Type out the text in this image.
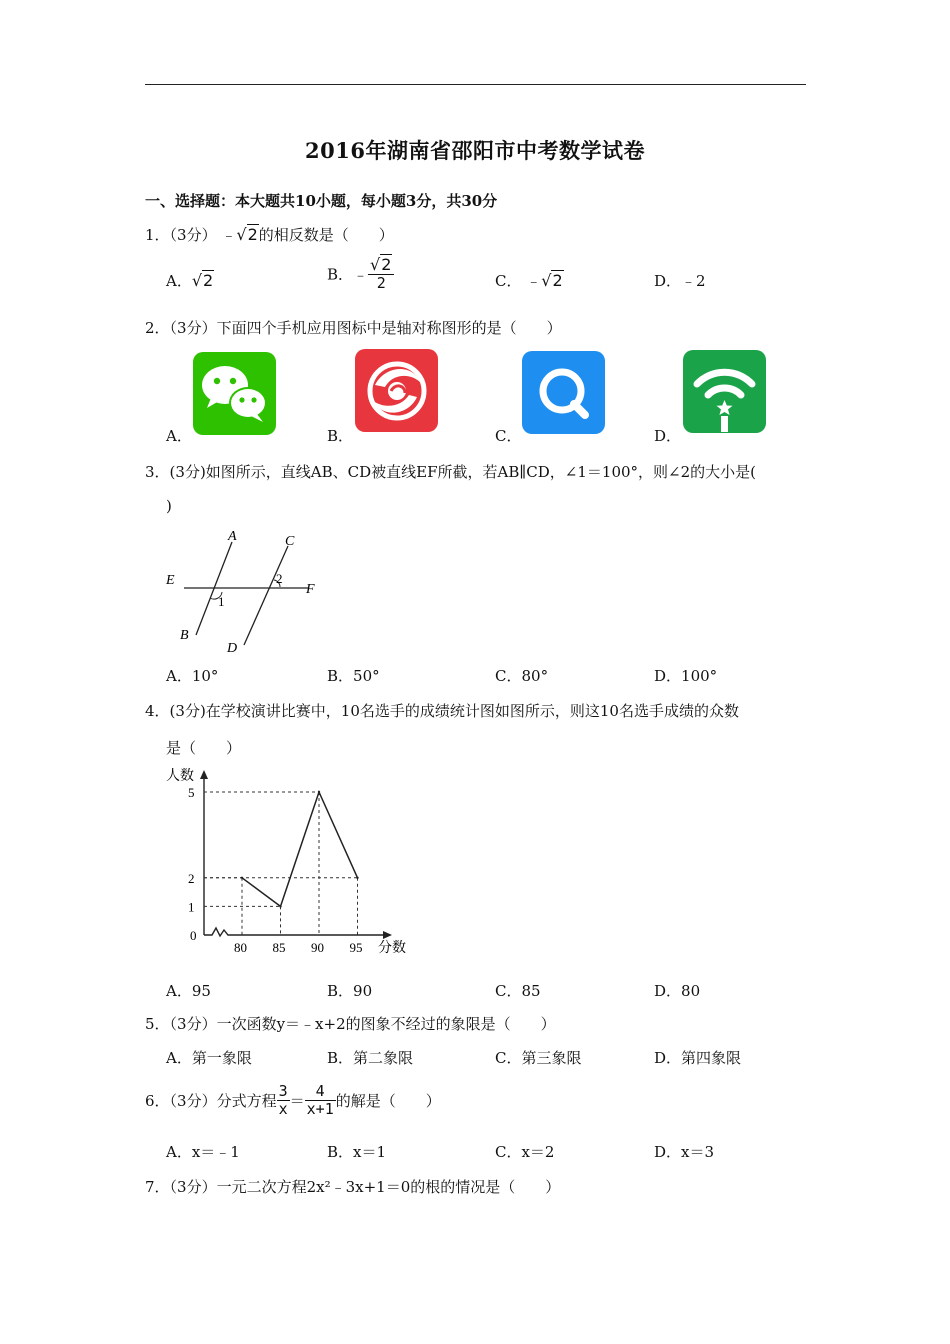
2016年湖南省邵阳市中考数学试卷
一、选择题：本大题共10小题，每小题3分，共30分
1．（3分） ﹣√2的相反数是（　　）
A．√2	B．﹣ $\frac{√2}{2}$	C． ﹣√2	D．﹣2
2．（3分）下面四个手机应用图标中是轴对称图形的是（　　）
A．	B．	C．	D．
3．(3分)如图所示，直线AB、CD被直线EF所截，若AB∥CD，∠1＝100°，则∠2的大小是(
)
A
B
C
D
E
F
1
2
A．10°	B．50°	C．80°	D．100°
4．(3分)在学校演讲比赛中，10名选手的成绩统计图如图所示，则这10名选手成绩的众数
是（　　）
人数
分数
0
1
2
5
80 85 90 95
A．95	B．90	C．85	D．80
5．（3分）一次函数y＝﹣x+2的图象不经过的象限是（　　）
A．第一象限	B．第二象限	C．第三象限	D．第四象限
6．（3分）分式方程 $\frac{3}{x} = \frac{4}{x+1}$ 的解是（　　）
A．x＝﹣1	B．x＝1	C．x＝2	D．x＝3
7．（3分）一元二次方程2x²﹣3x+1＝0的根的情况是（　　）
